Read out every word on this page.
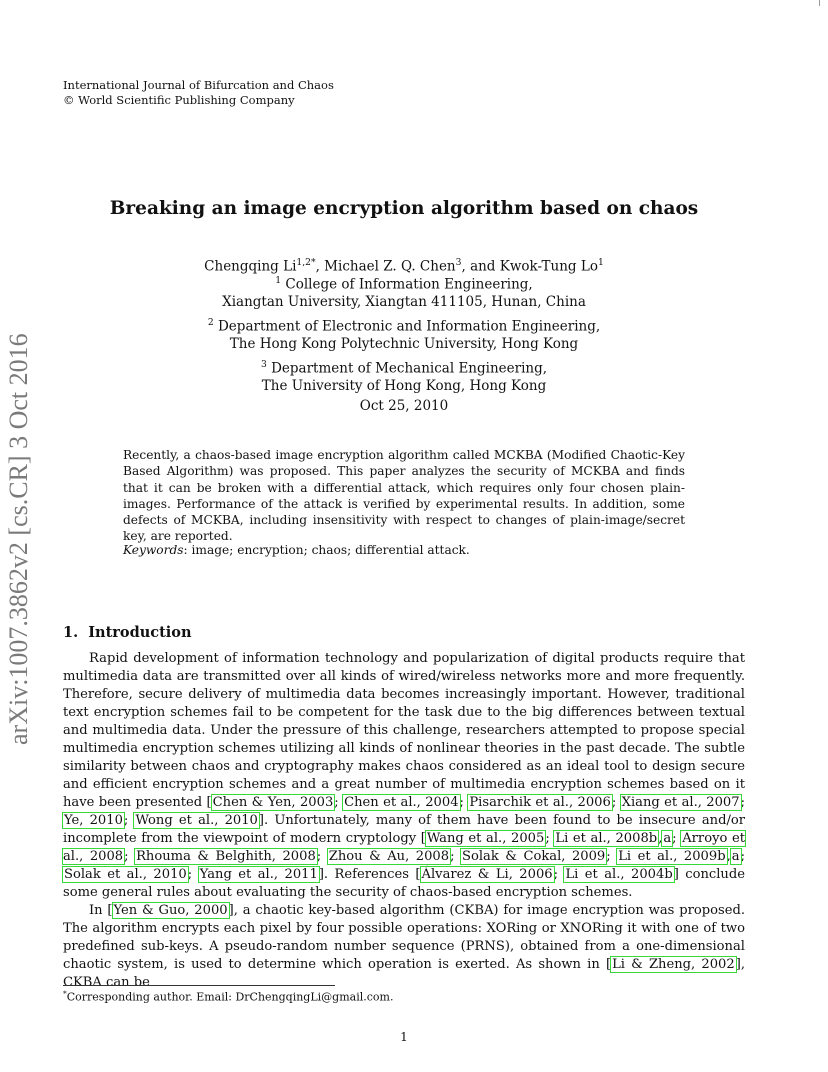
International Journal of Bifurcation and Chaos
© World Scientific Publishing Company
arXiv:1007.3862v2 [cs.CR] 3 Oct 2016
Breaking an image encryption algorithm based on chaos
Chengqing $Li^{1,2*}$, Michael Z. Q. Chen$^3$, and Kwok-Tung Lo$^1$
$^1$ College of Information Engineering,
Xiangtan University, Xiangtan 411105, Hunan, China
$^2$ Department of Electronic and Information Engineering,
The Hong Kong Polytechnic University, Hong Kong
$^3$ Department of Mechanical Engineering,
The University of Hong Kong, Hong Kong
Oct 25, 2010
Recently, a chaos-based image encryption algorithm called MCKBA (Modified Chaotic-Key Based Algorithm) was proposed. This paper analyzes the security of MCKBA and finds that it can be broken with a differential attack, which requires only four chosen plain-images. Performance of the attack is verified by experimental results. In addition, some defects of MCKBA, including insensitivity with respect to changes of plain-image/secret key, are reported.
Keywords: image; encryption; chaos; differential attack.
1. Introduction

Rapid development of information technology and popularization of digital products require that multimedia data are transmitted over all kinds of wired/wireless networks more and more frequently. Therefore, secure delivery of multimedia data becomes increasingly important. However, traditional text encryption schemes fail to be competent for the task due to the big differences between textual and multimedia data. Under the pressure of this challenge, researchers attempted to propose special multimedia encryption schemes utilizing all kinds of nonlinear theories in the past decade. The subtle similarity between chaos and cryptography makes chaos considered as an ideal tool to design secure and efficient encryption schemes and a great number of multimedia encryption schemes based on it have been presented [Chen & Yen, 2003; Chen et al., 2004; Pisarchik et al., 2006; Xiang et al., 2007; Ye, 2010; Wong et al., 2010]. Unfortunately, many of them have been found to be insecure and/or incomplete from the viewpoint of modern cryptology [Wang et al., 2005; Li et al., 2008b,a; Arroyo et al., 2008; Rhouma & Belghith, 2008; Zhou & Au, 2008; Solak & Cokal, 2009; Li et al., 2009b,a; Solak et al., 2010; Yang et al., 2011]. References [Álvarez & Li, 2006; Li et al., 2004b] conclude some general rules about evaluating the security of chaos-based encryption schemes.

In [Yen & Guo, 2000], a chaotic key-based algorithm (CKBA) for image encryption was proposed. The algorithm encrypts each pixel by four possible operations: XORing or XNORing it with one of two predefined sub-keys. A pseudo-random number sequence (PRNS), obtained from a one-dimensional chaotic system, is used to determine which operation is exerted. As shown in [Li & Zheng, 2002], CKBA can be

*Corresponding author. Email: DrChengqingLi@gmail.com.
1
